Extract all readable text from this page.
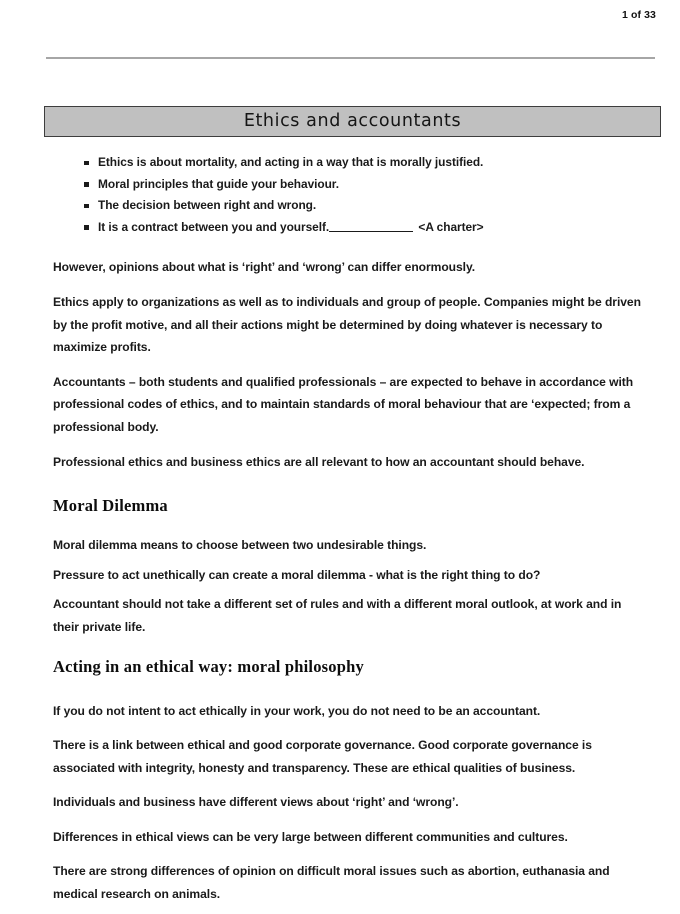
1 of 33
Ethics and accountants
Ethics is about mortality, and acting in a way that is morally justified.
Moral principles that guide your behaviour.
The decision between right and wrong.
It is a contract between you and yourself.	<A charter>

However, opinions about what is ‘right’ and ‘wrong’ can differ enormously.

Ethics apply to organizations as well as to individuals and group of people. Companies might be driven by the profit motive, and all their actions might be determined by doing whatever is necessary to maximize profits.

Accountants – both students and qualified professionals – are expected to behave in accordance with professional codes of ethics, and to maintain standards of moral behaviour that are ‘expected; from a professional body.

Professional ethics and business ethics are all relevant to how an accountant should behave.

Moral Dilemma

Moral dilemma means to choose between two undesirable things.

Pressure to act unethically can create a moral dilemma - what is the right thing to do?

Accountant should not take a different set of rules and with a different moral outlook, at work and in their private life.

Acting in an ethical way: moral philosophy

If you do not intent to act ethically in your work, you do not need to be an accountant.

There is a link between ethical and good corporate governance. Good corporate governance is associated with integrity, honesty and transparency. These are ethical qualities of business.

Individuals and business have different views about ‘right’ and ‘wrong’.

Differences in ethical views can be very large between different communities and cultures.

There are strong differences of opinion on difficult moral issues such as abortion, euthanasia and medical research on animals.
